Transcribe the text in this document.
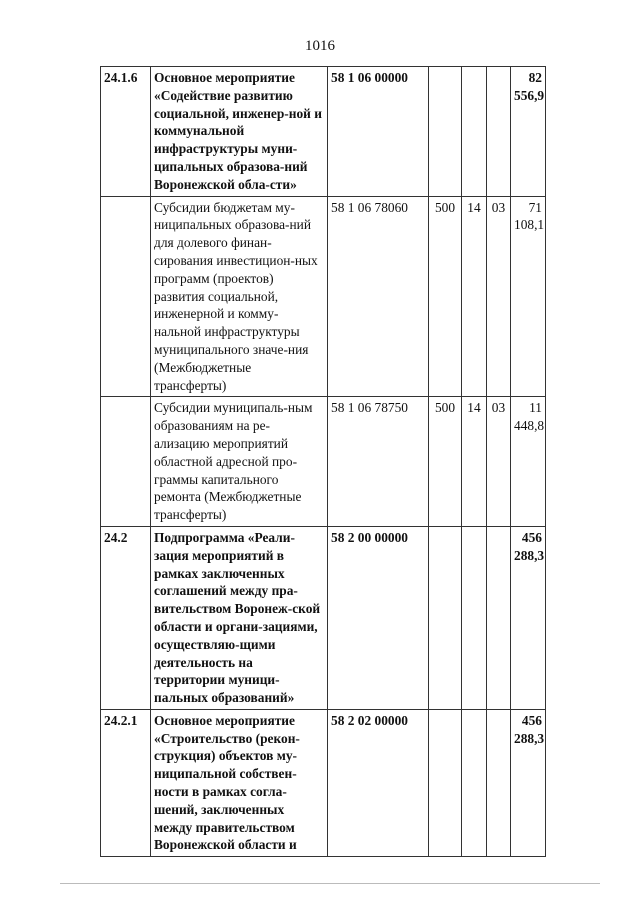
1016
24.1.6	Основное мероприятие «Содействие развитию социальной, инженер-ной и коммунальной инфраструктуры муни-ципальных образова-ний Воронежской обла-сти»	58 1 06 00000				82 556,9
	Субсидии бюджетам му-ниципальных образова-ний для долевого финан-сирования инвестицион-ных программ (проектов) развития социальной, инженерной и комму-нальной инфраструктуры муниципального значе-ния (Межбюджетные трансферты)	58 1 06 78060	500	14	03	71 108,1
	Субсидии муниципаль-ным образованиям на ре-ализацию мероприятий областной адресной про-граммы капитального ремонта (Межбюджетные трансферты)	58 1 06 78750	500	14	03	11 448,8
24.2	Подпрограмма «Реали-зация мероприятий в рамках заключенных соглашений между пра-вительством Воронеж-ской области и органи-зациями, осуществляю-щими деятельность на территории муници-пальных образований»	58 2 00 00000				456 288,3
24.2.1	Основное мероприятие «Строительство (рекон-струкция) объектов му-ниципальной собствен-ности в рамках согла-шений, заключенных между правительством Воронежской области и	58 2 02 00000				456 288,3
